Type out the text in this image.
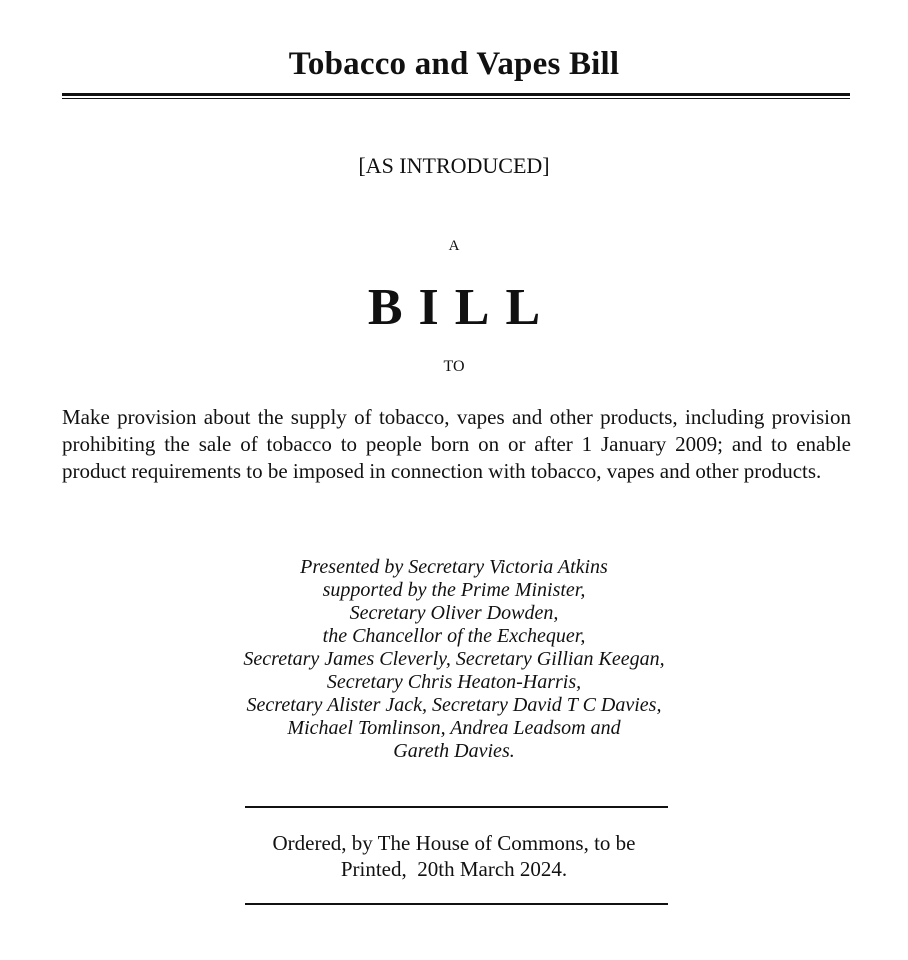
Tobacco and Vapes Bill
[AS INTRODUCED]
A
BILL
TO
Make provision about the supply of tobacco, vapes and other products, including provision prohibiting the sale of tobacco to people born on or after 1 January 2009; and to enable product requirements to be imposed in connection with tobacco, vapes and other products.
Presented by Secretary Victoria Atkins
supported by the Prime Minister,
Secretary Oliver Dowden,
the Chancellor of the Exchequer,
Secretary James Cleverly, Secretary Gillian Keegan,
Secretary Chris Heaton-Harris,
Secretary Alister Jack, Secretary David T C Davies,
Michael Tomlinson, Andrea Leadsom and
Gareth Davies.
Ordered, by The House of Commons, to be
Printed,  20th March 2024.
